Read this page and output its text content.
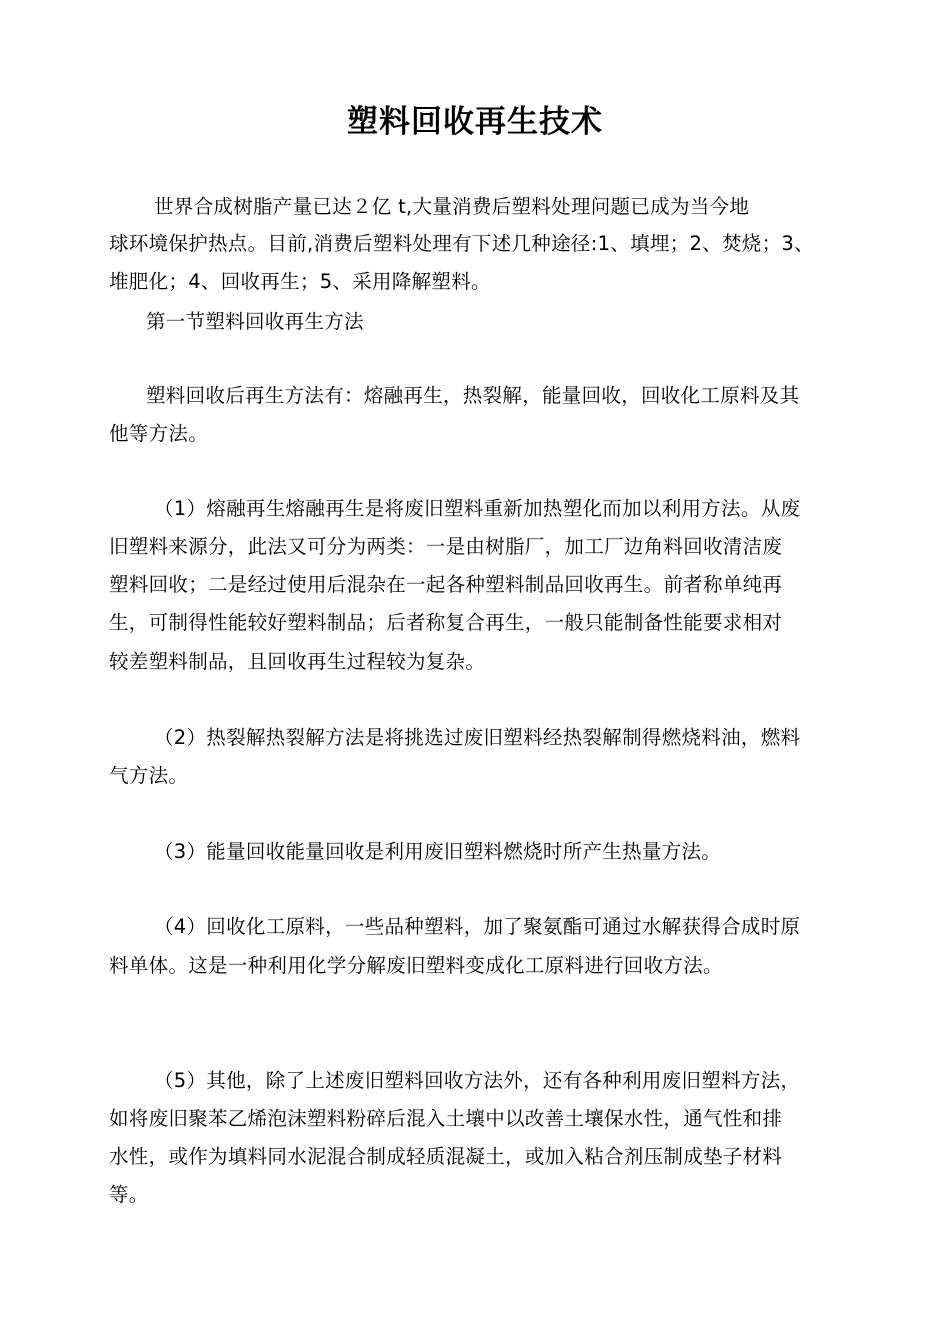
塑料回收再生技术
世界合成树脂产量已达２亿 t,大量消费后塑料处理问题已成为当今地
球环境保护热点。目前,消费后塑料处理有下述几种途径:1、填埋；2、焚烧；3、
堆肥化；4、回收再生；5、采用降解塑料。
第一节塑料回收再生方法
塑料回收后再生方法有：熔融再生，热裂解，能量回收，回收化工原料及其
他等方法。
（1）熔融再生熔融再生是将废旧塑料重新加热塑化而加以利用方法。从废
旧塑料来源分，此法又可分为两类：一是由树脂厂，加工厂边角料回收清洁废
塑料回收；二是经过使用后混杂在一起各种塑料制品回收再生。前者称单纯再
生，可制得性能较好塑料制品；后者称复合再生，一般只能制备性能要求相对
较差塑料制品，且回收再生过程较为复杂。
（2）热裂解热裂解方法是将挑选过废旧塑料经热裂解制得燃烧料油，燃料
气方法。
（3）能量回收能量回收是利用废旧塑料燃烧时所产生热量方法。
（4）回收化工原料，一些品种塑料，加了聚氨酯可通过水解获得合成时原
料单体。这是一种利用化学分解废旧塑料变成化工原料进行回收方法。
（5）其他，除了上述废旧塑料回收方法外，还有各种利用废旧塑料方法，
如将废旧聚苯乙烯泡沫塑料粉碎后混入土壤中以改善土壤保水性，通气性和排
水性，或作为填料同水泥混合制成轻质混凝土，或加入粘合剂压制成垫子材料
等。
